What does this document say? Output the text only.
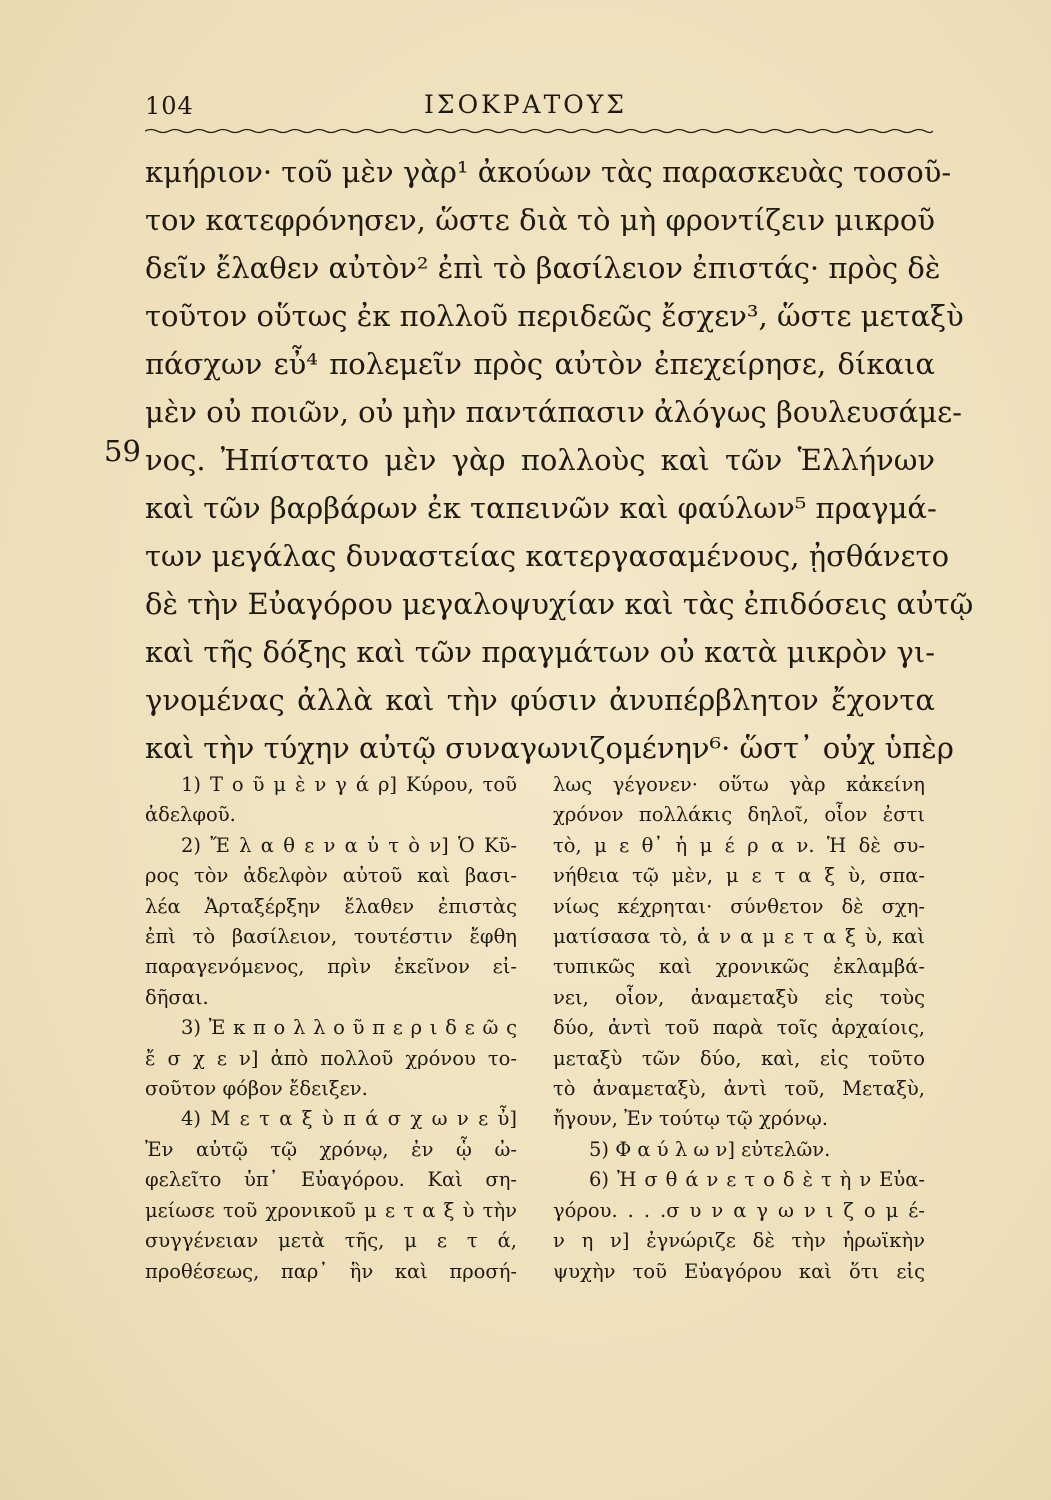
104	ΙΣΟΚΡΑΤΟΥΣ
59
κμήριον· τοῦ μὲν γὰρ¹ ἀκούων τὰς παρασκευὰς τοσοῦ-
τον κατεφρόνησεν, ὥστε διὰ τὸ μὴ φροντίζειν μικροῦ
δεῖν ἔλαθεν αὐτὸν² ἐπὶ τὸ βασίλειον ἐπιστάς· πρὸς δὲ
τοῦτον οὕτως ἐκ πολλοῦ περιδεῶς ἔσχεν³, ὥστε μεταξὺ
πάσχων εὖ⁴ πολεμεῖν πρὸς αὐτὸν ἐπεχείρησε, δίκαια
μὲν οὐ ποιῶν, οὐ μὴν παντάπασιν ἀλόγως βουλευσάμε-
νος. Ἠπίστατο μὲν γὰρ πολλοὺς καὶ τῶν Ἑλλήνων
καὶ τῶν βαρβάρων ἐκ ταπεινῶν καὶ φαύλων⁵ πραγμά-
των μεγάλας δυναστείας κατεργασαμένους, ᾐσθάνετο
δὲ τὴν Εὐαγόρου μεγαλοψυχίαν καὶ τὰς ἐπιδόσεις αὐτῷ
καὶ τῆς δόξης καὶ τῶν πραγμάτων οὐ κατὰ μικρὸν γι-
γνομένας ἀλλὰ καὶ τὴν φύσιν ἀνυπέρβλητον ἔχοντα
καὶ τὴν τύχην αὐτῷ συναγωνιζομένην⁶· ὥστ᾽ οὐχ ὑπὲρ
1) Τ ο ῦ μ ὲ ν γ ά ρ] Κύρου, τοῦ
ἀδελφοῦ.
2) Ἔ λ α θ ε ν α ὐ τ ὸ ν] Ὁ Κῦ-
ρος τὸν ἀδελφὸν αὐτοῦ καὶ βασι-
λέα Ἀρταξέρξην ἔλαθεν ἐπιστὰς
ἐπὶ τὸ βασίλειον, τουτέστιν ἔφθη
παραγενόμενος, πρὶν ἐκεῖνον εἰ-
δῆσαι.
3) Ἐ κ π ο λ λ ο ῦ π ε ρ ι δ ε ῶ ς
ἔ σ χ ε ν] ἀπὸ πολλοῦ χρόνου το-
σοῦτον φόβον ἔδειξεν.
4) Μ ε τ α ξ ὺ π ά σ χ ω ν ε ὖ]
Ἐν αὐτῷ τῷ χρόνῳ, ἐν ᾧ ὠ-
φελεῖτο ὑπ᾽ Εὐαγόρου. Καὶ ση-
μείωσε τοῦ χρονικοῦ μ ε τ α ξ ὺ τὴν
συγγένειαν μετὰ τῆς, μ ε τ ά,
προθέσεως, παρ᾽ ἣν καὶ προσή-
λως γέγονεν· οὕτω γὰρ κἀκείνη
χρόνον πολλάκις δηλοῖ, οἷον ἐστι
τὸ, μ ε θ᾽ ἡ μ έ ρ α ν. Ἡ δὲ συ-
νήθεια τῷ μὲν, μ ε τ α ξ ὺ, σπα-
νίως κέχρηται· σύνθετον δὲ σχη-
ματίσασα τὸ, ἀ ν α μ ε τ α ξ ὺ, καὶ
τυπικῶς καὶ χρονικῶς ἐκλαμβά-
νει, οἷον, ἀναμεταξὺ εἰς τοὺς
δύο, ἀντὶ τοῦ παρὰ τοῖς ἀρχαίοις,
μεταξὺ τῶν δύο, καὶ, εἰς τοῦτο
τὸ ἀναμεταξὺ, ἀντὶ τοῦ, Μεταξὺ,
ἤγουν, Ἐν τούτῳ τῷ χρόνῳ.
5) Φ α ύ λ ω ν] εὐτελῶν.
6) Ἠ σ θ ά ν ε τ ο δ ὲ τ ὴ ν Εὐα-
γόρου. . . .σ υ ν α γ ω ν ι ζ ο μ έ-
ν η ν] ἐγνώριζε δὲ τὴν ἡρωϊκὴν
ψυχὴν τοῦ Εὐαγόρου καὶ ὅτι εἰς
